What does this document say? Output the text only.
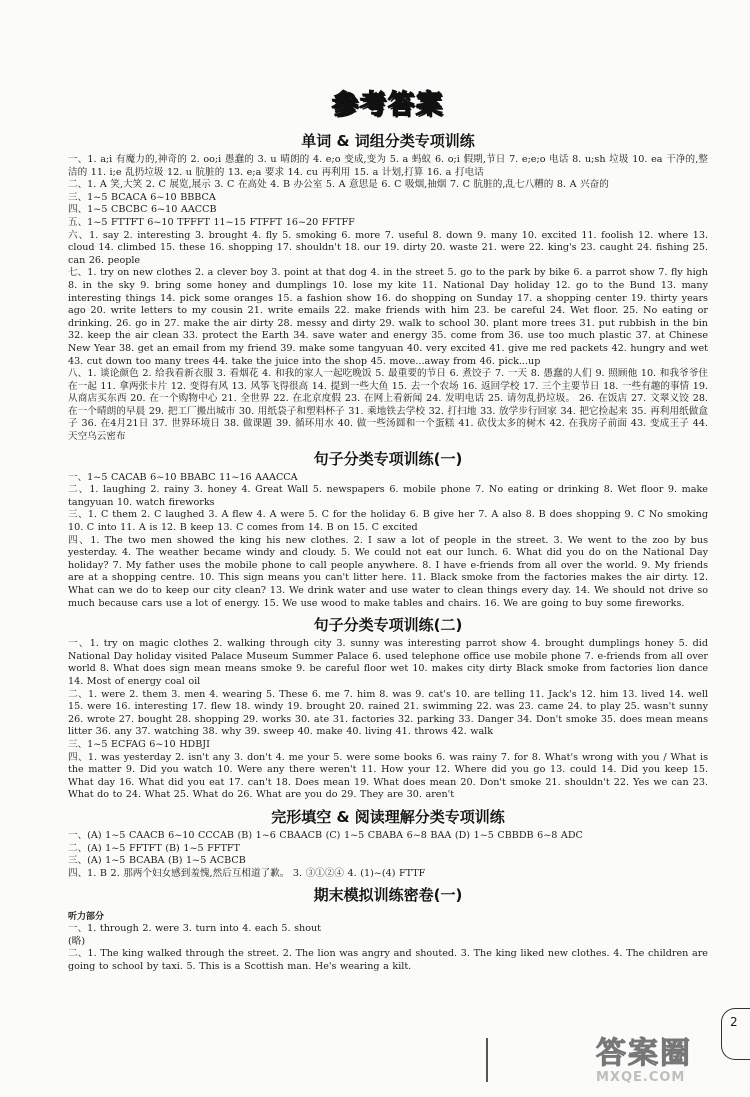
参考答案
单词 & 词组分类专项训练

一、1. a;i 有魔力的,神奇的 2. oo;i 愚蠢的 3. u 晴朗的 4. e;o 变成,变为 5. a 蚂蚁 6. o;i 假期,节日 7. e;e;o 电话 8. u;sh 垃圾 10. ea 干净的,整洁的 11. i;e 乱扔垃圾 12. u 肮脏的 13. e;a 要求 14. cu 再利用 15. a 计划,打算 16. a 打电话

二、1. A 笑,大笑 2. C 展览,展示 3. C 在高处 4. B 办公室 5. A 意思是 6. C 吸烟,抽烟 7. C 肮脏的,乱七八糟的 8. A 兴奋的

三、1~5 BCACA 6~10 BBBCA

四、1~5 CBCBC 6~10 AACCB

五、1~5 FTTFT 6~10 TFFFT 11~15 FTFFT 16~20 FFTFF

六、1. say 2. interesting 3. brought 4. fly 5. smoking 6. more 7. useful 8. down 9. many 10. excited 11. foolish 12. where 13. cloud 14. climbed 15. these 16. shopping 17. shouldn't 18. our 19. dirty 20. waste 21. were 22. king's 23. caught 24. fishing 25. can 26. people

七、1. try on new clothes 2. a clever boy 3. point at that dog 4. in the street 5. go to the park by bike 6. a parrot show 7. fly high 8. in the sky 9. bring some honey and dumplings 10. lose my kite 11. National Day holiday 12. go to the Bund 13. many interesting things 14. pick some oranges 15. a fashion show 16. do shopping on Sunday 17. a shopping center 19. thirty years ago 20. write letters to my cousin 21. write emails 22. make friends with him 23. be careful 24. Wet floor. 25. No eating or drinking. 26. go in 27. make the air dirty 28. messy and dirty 29. walk to school 30. plant more trees 31. put rubbish in the bin 32. keep the air clean 33. protect the Earth 34. save water and energy 35. come from 36. use too much plastic 37. at Chinese New Year 38. get an email from my friend 39. make some tangyuan 40. very excited 41. give me red packets 42. hungry and wet 43. cut down too many trees 44. take the juice into the shop 45. move...away from 46. pick...up

八、1. 谈论颜色 2. 给我看新衣服 3. 看烟花 4. 和我的家人一起吃晚饭 5. 最重要的节日 6. 煮饺子 7. 一天 8. 愚蠢的人们 9. 照顾他 10. 和我爷爷住在一起 11. 拿两张卡片 12. 变得有风 13. 风筝飞得很高 14. 提到一些大鱼 15. 去一个农场 16. 返回学校 17. 三个主要节日 18. 一些有趣的事情 19. 从商店买东西 20. 在一个购物中心 21. 全世界 22. 在北京度假 23. 在网上看新闻 24. 发明电话 25. 请勿乱扔垃圾。 26. 在饭店 27. 文翠义饺 28. 在一个晴朗的早晨 29. 把工厂搬出城市 30. 用纸袋子和塑料杯子 31. 乘地铁去学校 32. 打扫地 33. 放学步行回家 34. 把它捡起来 35. 再利用纸做盒子 36. 在4月21日 37. 世界环境日 38. 做课题 39. 循环用水 40. 做一些汤圆和一个蛋糕 41. 砍伐太多的树木 42. 在我房子前面 43. 变成王子 44. 天空乌云密布

句子分类专项训练(一)

一、1~5 CACAB 6~10 BBABC 11~16 AAACCA

二、1. laughing 2. rainy 3. honey 4. Great Wall 5. newspapers 6. mobile phone 7. No eating or drinking 8. Wet floor 9. make tangyuan 10. watch fireworks

三、1. C them 2. C laughed 3. A flew 4. A were 5. C for the holiday 6. B give her 7. A also 8. B does shopping 9. C No smoking 10. C into 11. A is 12. B keep 13. C comes from 14. B on 15. C excited

四、1. The two men showed the king his new clothes. 2. I saw a lot of people in the street. 3. We went to the zoo by bus yesterday. 4. The weather became windy and cloudy. 5. We could not eat our lunch. 6. What did you do on the National Day holiday? 7. My father uses the mobile phone to call people anywhere. 8. I have e-friends from all over the world. 9. My friends are at a shopping centre. 10. This sign means you can't litter here. 11. Black smoke from the factories makes the air dirty. 12. What can we do to keep our city clean? 13. We drink water and use water to clean things every day. 14. We should not drive so much because cars use a lot of energy. 15. We use wood to make tables and chairs. 16. We are going to buy some fireworks.

句子分类专项训练(二)

一、1. try on magic clothes 2. walking through city 3. sunny was interesting parrot show 4. brought dumplings honey 5. did National Day holiday visited Palace Museum Summer Palace 6. used telephone office use mobile phone 7. e-friends from all over world 8. What does sign mean means smoke 9. be careful floor wet 10. makes city dirty Black smoke from factories lion dance 14. Most of energy coal oil

二、1. were 2. them 3. men 4. wearing 5. These 6. me 7. him 8. was 9. cat's 10. are telling 11. Jack's 12. him 13. lived 14. well 15. were 16. interesting 17. flew 18. windy 19. brought 20. rained 21. swimming 22. was 23. came 24. to play 25. wasn't sunny 26. wrote 27. bought 28. shopping 29. works 30. ate 31. factories 32. parking 33. Danger 34. Don't smoke 35. does mean means litter 36. any 37. watching 38. why 39. sweep 40. make 40. living 41. throws 42. walk

三、1~5 ECFAG 6~10 HDBJI

四、1. was yesterday 2. isn't any 3. don't 4. me your 5. were some books 6. was rainy 7. for 8. What's wrong with you / What is the matter 9. Did you watch 10. Were any there weren't 11. How your 12. Where did you go 13. could 14. Did you keep 15. What day 16. What did you eat 17. can't 18. Does mean 19. What does mean 20. Don't smoke 21. shouldn't 22. Yes we can 23. What do to 24. What 25. What do 26. What are you do 29. They are 30. aren't

完形填空 & 阅读理解分类专项训练

一、(A) 1~5 CAACB 6~10 CCCAB (B) 1~6 CBAACB (C) 1~5 CBABA 6~8 BAA (D) 1~5 CBBDB 6~8 ADC

二、(A) 1~5 FFTFT (B) 1~5 FFTFT

三、(A) 1~5 BCABA (B) 1~5 ACBCB

四、1. B 2. 那两个妇女感到羞愧,然后互相道了歉。 3. ③①②④ 4. (1)~(4) FTTF

期末模拟训练密卷(一)
听力部分

一、1. through 2. were 3. turn into 4. each 5. shout

(略)

二、1. The king walked through the street. 2. The lion was angry and shouted. 3. The king liked new clothes. 4. The children are going to school by taxi. 5. This is a Scottish man. He's wearing a kilt.

2
答案圈
MXQE.COM
